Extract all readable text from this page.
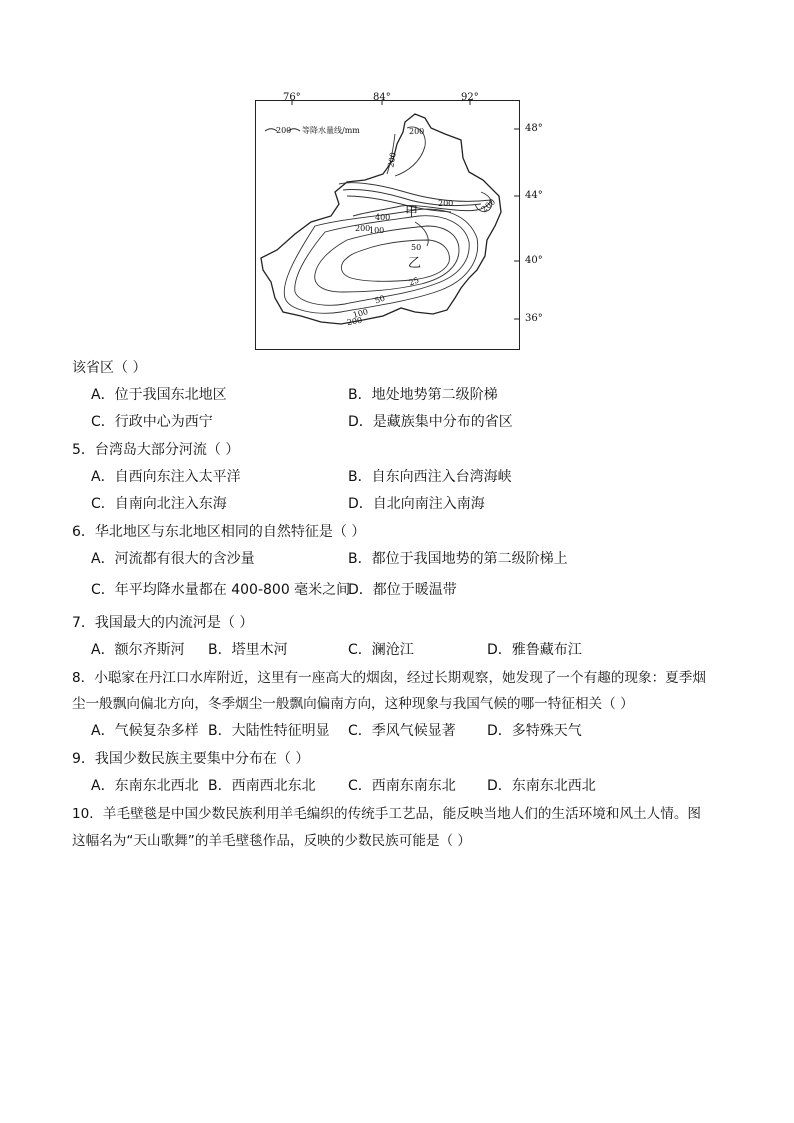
76°	84°	92°
48°
44°
40°
36°
200 等降水量线/mm	200
200
200	200
400
200
100
50
25
50
100
200
甲
乙
该省区（ ）
A．位于我国东北地区	B．地处地势第二级阶梯
C．行政中心为西宁	D．是藏族集中分布的省区
5．台湾岛大部分河流（ ）
A．自西向东注入太平洋	B．自东向西注入台湾海峡
C．自南向北注入东海	D．自北向南注入南海
6．华北地区与东北地区相同的自然特征是（ ）
A．河流都有很大的含沙量	B．都位于我国地势的第二级阶梯上
C．年平均降水量都在 400-800 毫米之间
D．都位于暖温带
7．我国最大的内流河是（ ）
A．额尔齐斯河 B．塔里木河	C．澜沧江	D．雅鲁藏布江
8．小聪家在丹江口水库附近，这里有一座高大的烟囱，经过长期观察，她发现了一个有趣的现象：夏季烟
尘一般飘向偏北方向，冬季烟尘一般飘向偏南方向，这种现象与我国气候的哪一特征相关（ ）
A．气候复杂多样 B．大陆性特征明显 C．季风气候显著 D．多特殊天气
9．我国少数民族主要集中分布在（ ）
A．东南东北西北 B．西南西北东北 C．西南东南东北 D．东南东北西北
10．羊毛壁毯是中国少数民族利用羊毛编织的传统手工艺品，能反映当地人们的生活环境和风土人情。图
这幅名为“天山歌舞”的羊毛壁毯作品，反映的少数民族可能是（ ）
